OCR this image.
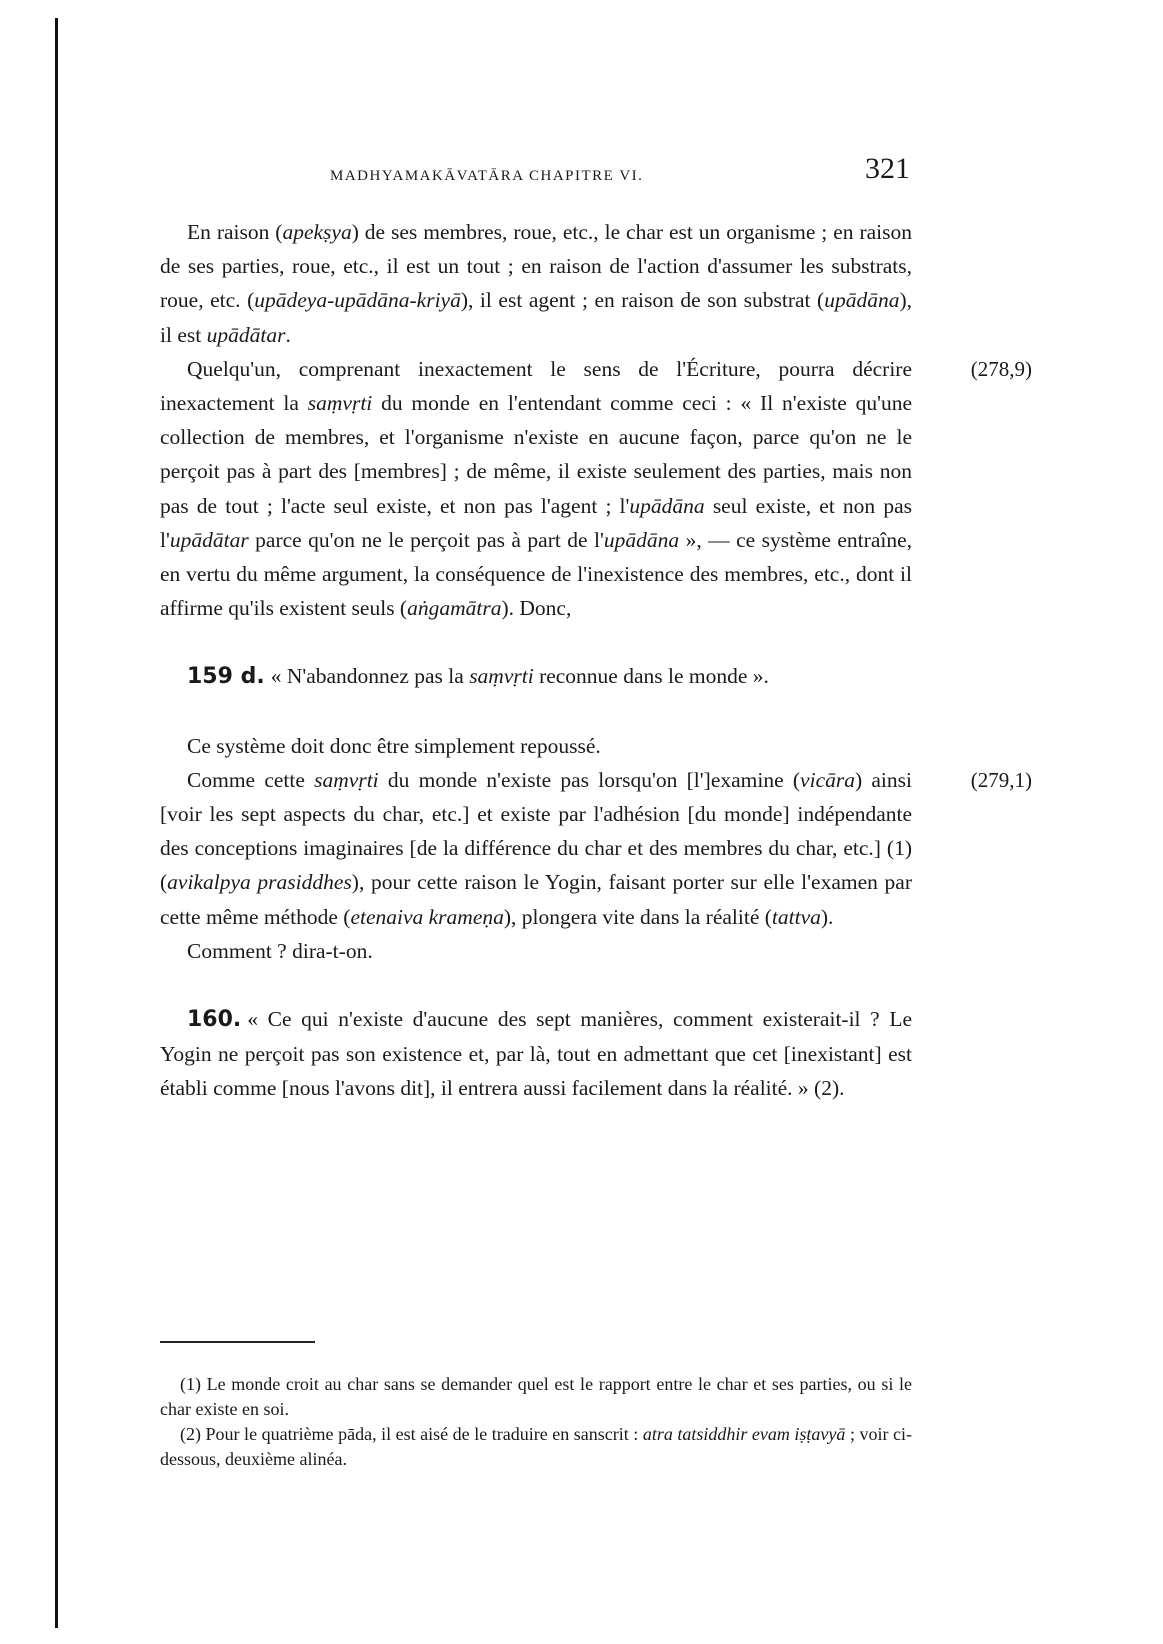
MADHYAMAKĀVATĀRA CHAPITRE VI.	321

En raison (apekṣya) de ses membres, roue, etc., le char est un organisme ; en raison de ses parties, roue, etc., il est un tout ; en raison de l'action d'assumer les substrats, roue, etc. (upādeya-upādāna-kriyā), il est agent ; en raison de son substrat (upādāna), il est upādātar.

(278,9)
Quelqu'un, comprenant inexactement le sens de l'Écriture, pourra décrire inexactement la saṃvṛti du monde en l'entendant comme ceci : « Il n'existe qu'une collection de membres, et l'organisme n'existe en aucune façon, parce qu'on ne le perçoit pas à part des [membres] ; de même, il existe seulement des parties, mais non pas de tout ; l'acte seul existe, et non pas l'agent ; l'upādāna seul existe, et non pas l'upādātar parce qu'on ne le perçoit pas à part de l'upādāna », — ce système entraîne, en vertu du même argument, la conséquence de l'inexistence des membres, etc., dont il affirme qu'ils existent seuls (aṅgamātra). Donc,

159 d. « N'abandonnez pas la saṃvṛti reconnue dans le monde ».

Ce système doit donc être simplement repoussé.

(279,1)
Comme cette saṃvṛti du monde n'existe pas lorsqu'on [l']examine (vicāra) ainsi [voir les sept aspects du char, etc.] et existe par l'adhésion [du monde] indépendante des conceptions imaginaires [de la différence du char et des membres du char, etc.] (1) (avikalpya prasiddhes), pour cette raison le Yogin, faisant porter sur elle l'examen par cette même méthode (etenaiva krameṇa), plongera vite dans la réalité (tattva).

Comment ? dira-t-on.

160. « Ce qui n'existe d'aucune des sept manières, comment existerait-il ? Le Yogin ne perçoit pas son existence et, par là, tout en admettant que cet [inexistant] est établi comme [nous l'avons dit], il entrera aussi facilement dans la réalité. » (2).

(1) Le monde croit au char sans se demander quel est le rapport entre le char et ses parties, ou si le char existe en soi.

(2) Pour le quatrième pāda, il est aisé de le traduire en sanscrit : atra tatsiddhir evam iṣṭavyā ; voir ci-dessous, deuxième alinéa.
